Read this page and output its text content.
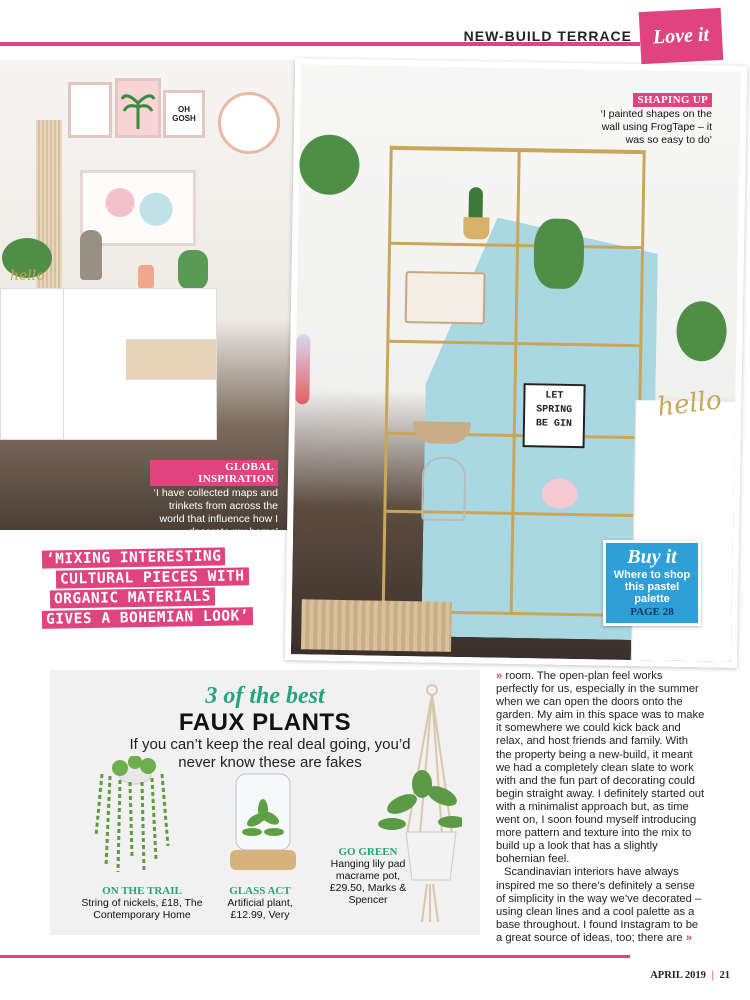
NEW-BUILD TERRACE	Love it
OH
GOSH
hello
GLOBAL INSPIRATION
‘I have collected maps and trinkets from across the world that influence how I decorate my home’
LET
SPRING
BE GIN
hello
SHAPING UP
‘I painted shapes on the wall using FrogTape – it was so easy to do’
‘MIXING INTERESTING
CULTURAL PIECES WITH
ORGANIC MATERIALS
GIVES A BOHEMIAN LOOK’
Buy it
Where to shop this pastel palette
PAGE 28
3 of the best
FAUX PLANTS
If you can’t keep the real deal going, you’d never know these are fakes
ON THE TRAIL
String of nickels, £18, The Contemporary Home
GLASS ACT
Artificial plant, £12.99, Very
GO GREEN
Hanging lily pad macrame pot, £29.50, Marks & Spencer

» room. The open-plan feel works perfectly for us, especially in the summer when we can open the doors onto the garden. My aim in this space was to make it somewhere we could kick back and relax, and host friends and family. With the property being a new-build, it meant we had a completely clean slate to work with and the fun part of decorating could begin straight away. I definitely started out with a minimalist approach but, as time went on, I soon found myself introducing more pattern and texture into the mix to build up a look that has a slightly bohemian feel.

Scandinavian interiors have always inspired me so there’s definitely a sense of simplicity in the way we’ve decorated – using clean lines and a cool palette as a base throughout. I found Instagram to be a great source of ideas, too; there are »

APRIL 2019 | 21
